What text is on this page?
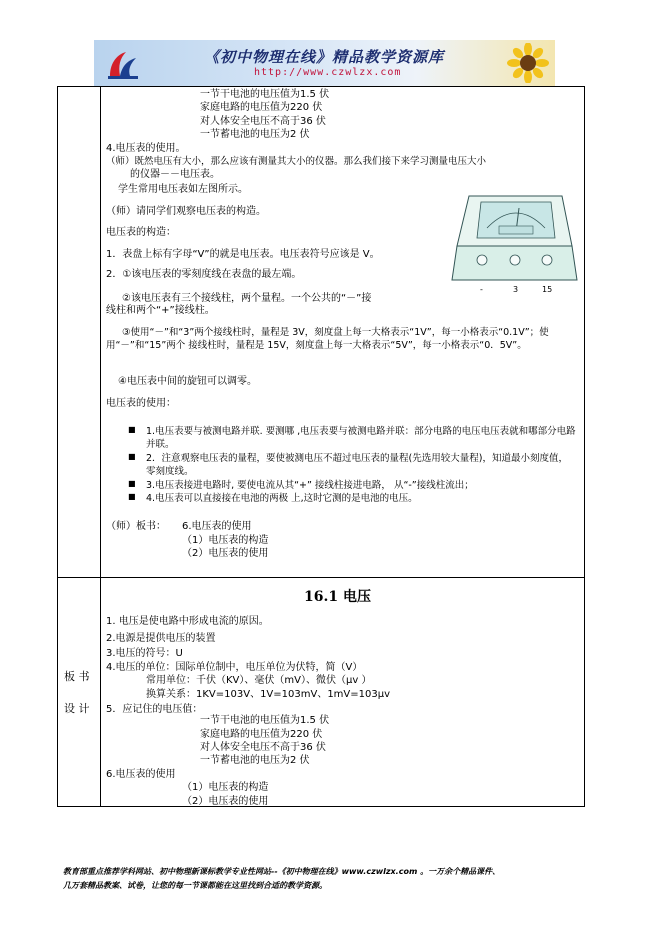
《初中物理在线》精品教学资源库
http://www.czwlzx.com
一节干电池的电压值为1.5 伏
家庭电路的电压值为220 伏
对人体安全电压不高于36 伏
一节蓄电池的电压为2 伏
4.电压表的使用。
（师）既然电压有大小，那么应该有测量其大小的仪器。那么我们接下来学习测量电压大小
的仪器－－电压表。
学生常用电压表如左图所示。
（师）请同学们观察电压表的构造。
电压表的构造：
1．表盘上标有字母“V”的就是电压表。电压表符号应该是 V。
2．①该电压表的零刻度线在表盘的最左端。
②该电压表有三个接线柱，两个量程。一个公共的“－”接
线柱和两个“+”接线柱。
③使用“－”和“3”两个接线柱时，量程是 3V，刻度盘上每一大格表示“1V”，每一小格表示“0.1V”；使用“－”和“15”两个 接线柱时，量程是 15V，刻度盘上每一大格表示“5V”，每一小格表示“0．5V”。
④电压表中间的旋钮可以调零。
电压表的使用：
■ 1.电压表要与被测电路并联. 要测哪 ,电压表要与被测电路并联：部分电路的电压电压表就和哪部分电路并联。
■ 2．注意观察电压表的量程，要使被测电压不超过电压表的量程(先选用较大量程)，知道最小刻度值，零刻度线。
■ 3.电压表接进电路时, 要使电流从其“+” 接线柱接进电路， 从“-”接线柱流出；
■ 4.电压表可以直接接在电池的两极 上,这时它测的是电池的电压。
（师）板书： 6.电压表的使用
（1）电压表的构造
（2）电压表的使用
-	3	15
板 书
设 计
16.1 电压
1. 电压是使电路中形成电流的原因。
2.电源是提供电压的装置
3.电压的符号：U
4.电压的单位：国际单位制中，电压单位为伏特，简（V）
常用单位：千伏（KV）、毫伏（mV）、微伏（μv ）
换算关系：1KV=103V、1V=103mV、1mV=103μv
5．应记住的电压值：
一节干电池的电压值为1.5 伏
家庭电路的电压值为220 伏
对人体安全电压不高于36 伏
一节蓄电池的电压为2 伏
6.电压表的使用
（1）电压表的构造
（2）电压表的使用
教育部重点推荐学科网站、初中物理新课标教学专业性网站--《初中物理在线》www.czwlzx.com 。一万余个精品课件、
几万套精品教案、试卷，让您的每一节课都能在这里找到合适的教学资源。
